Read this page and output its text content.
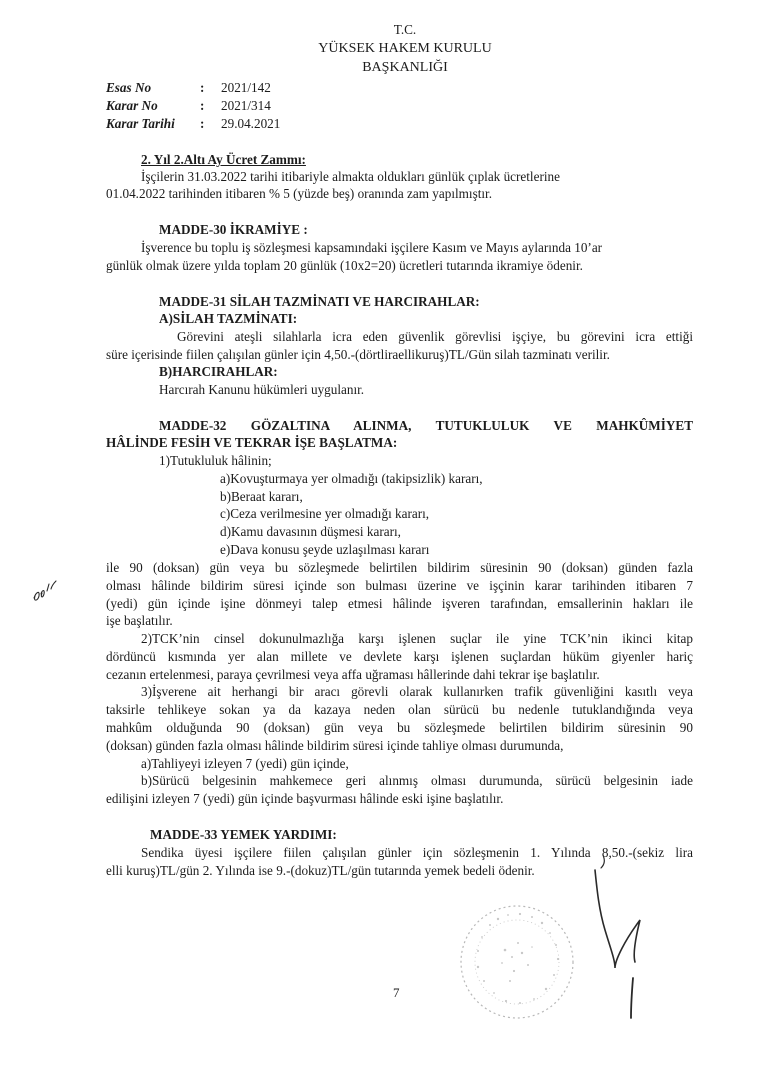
T.C.
YÜKSEK HAKEM KURULU
BAŞKANLIĞI
Esas No	: 2021/142
Karar No	: 2021/314
Karar Tarihi : 29.04.2021
2. Yıl 2.Altı Ay Ücret Zammı:
İşçilerin 31.03.2022 tarihi itibariyle almakta oldukları günlük çıplak ücretlerine
01.04.2022 tarihinden itibaren % 5 (yüzde beş) oranında zam yapılmıştır.
MADDE-30 İKRAMİYE :
İşverence bu toplu iş sözleşmesi kapsamındaki işçilere Kasım ve Mayıs aylarında 10’ar
günlük olmak üzere yılda toplam 20 günlük (10x2=20) ücretleri tutarında ikramiye ödenir.
MADDE-31 SİLAH TAZMİNATI VE HARCIRAHLAR:
A)SİLAH TAZMİNATI:
Görevini ateşli silahlarla icra eden güvenlik görevlisi işçiye, bu görevini icra ettiği
süre içerisinde fiilen çalışılan günler için 4,50.-(dörtliraellikuruş)TL/Gün silah tazminatı verilir.
B)HARCIRAHLAR:
Harcırah Kanunu hükümleri uygulanır.
MADDE-32 GÖZALTINA ALINMA, TUTUKLULUK VE MAHKÛMİYET
HÂLİNDE FESİH VE TEKRAR İŞE BAŞLATMA:
1)Tutukluluk hâlinin;
a)Kovuşturmaya yer olmadığı (takipsizlik) kararı,
b)Beraat kararı,
c)Ceza verilmesine yer olmadığı kararı,
d)Kamu davasının düşmesi kararı,
e)Dava konusu şeyde uzlaşılması kararı
ile 90 (doksan) gün veya bu sözleşmede belirtilen bildirim süresinin 90 (doksan) günden fazla
olması hâlinde bildirim süresi içinde son bulması üzerine ve işçinin karar tarihinden itibaren 7
(yedi) gün içinde işine dönmeyi talep etmesi hâlinde işveren tarafından, emsallerinin hakları ile
işe başlatılır.
2)TCK’nin cinsel dokunulmazlığa karşı işlenen suçlar ile yine TCK’nin ikinci kitap
dördüncü kısmında yer alan millete ve devlete karşı işlenen suçlardan hüküm giyenler hariç
cezanın ertelenmesi, paraya çevrilmesi veya affa uğraması hâllerinde dahi tekrar işe başlatılır.
3)İşverene ait herhangi bir aracı görevli olarak kullanırken trafik güvenliğini kasıtlı veya
taksirle tehlikeye sokan ya da kazaya neden olan sürücü bu nedenle tutuklandığında veya
mahkûm olduğunda 90 (doksan) gün veya bu sözleşmede belirtilen bildirim süresinin 90
(doksan) günden fazla olması hâlinde bildirim süresi içinde tahliye olması durumunda,
a)Tahliyeyi izleyen 7 (yedi) gün içinde,
b)Sürücü belgesinin mahkemece geri alınmış olması durumunda, sürücü belgesinin iade
edilişini izleyen 7 (yedi) gün içinde başvurması hâlinde eski işine başlatılır.
MADDE-33 YEMEK YARDIMI:
Sendika üyesi işçilere fiilen çalışılan günler için sözleşmenin 1. Yılında 8,50.-(sekiz lira
elli kuruş)TL/gün 2. Yılında ise 9.-(dokuz)TL/gün tutarında yemek bedeli ödenir.
7
